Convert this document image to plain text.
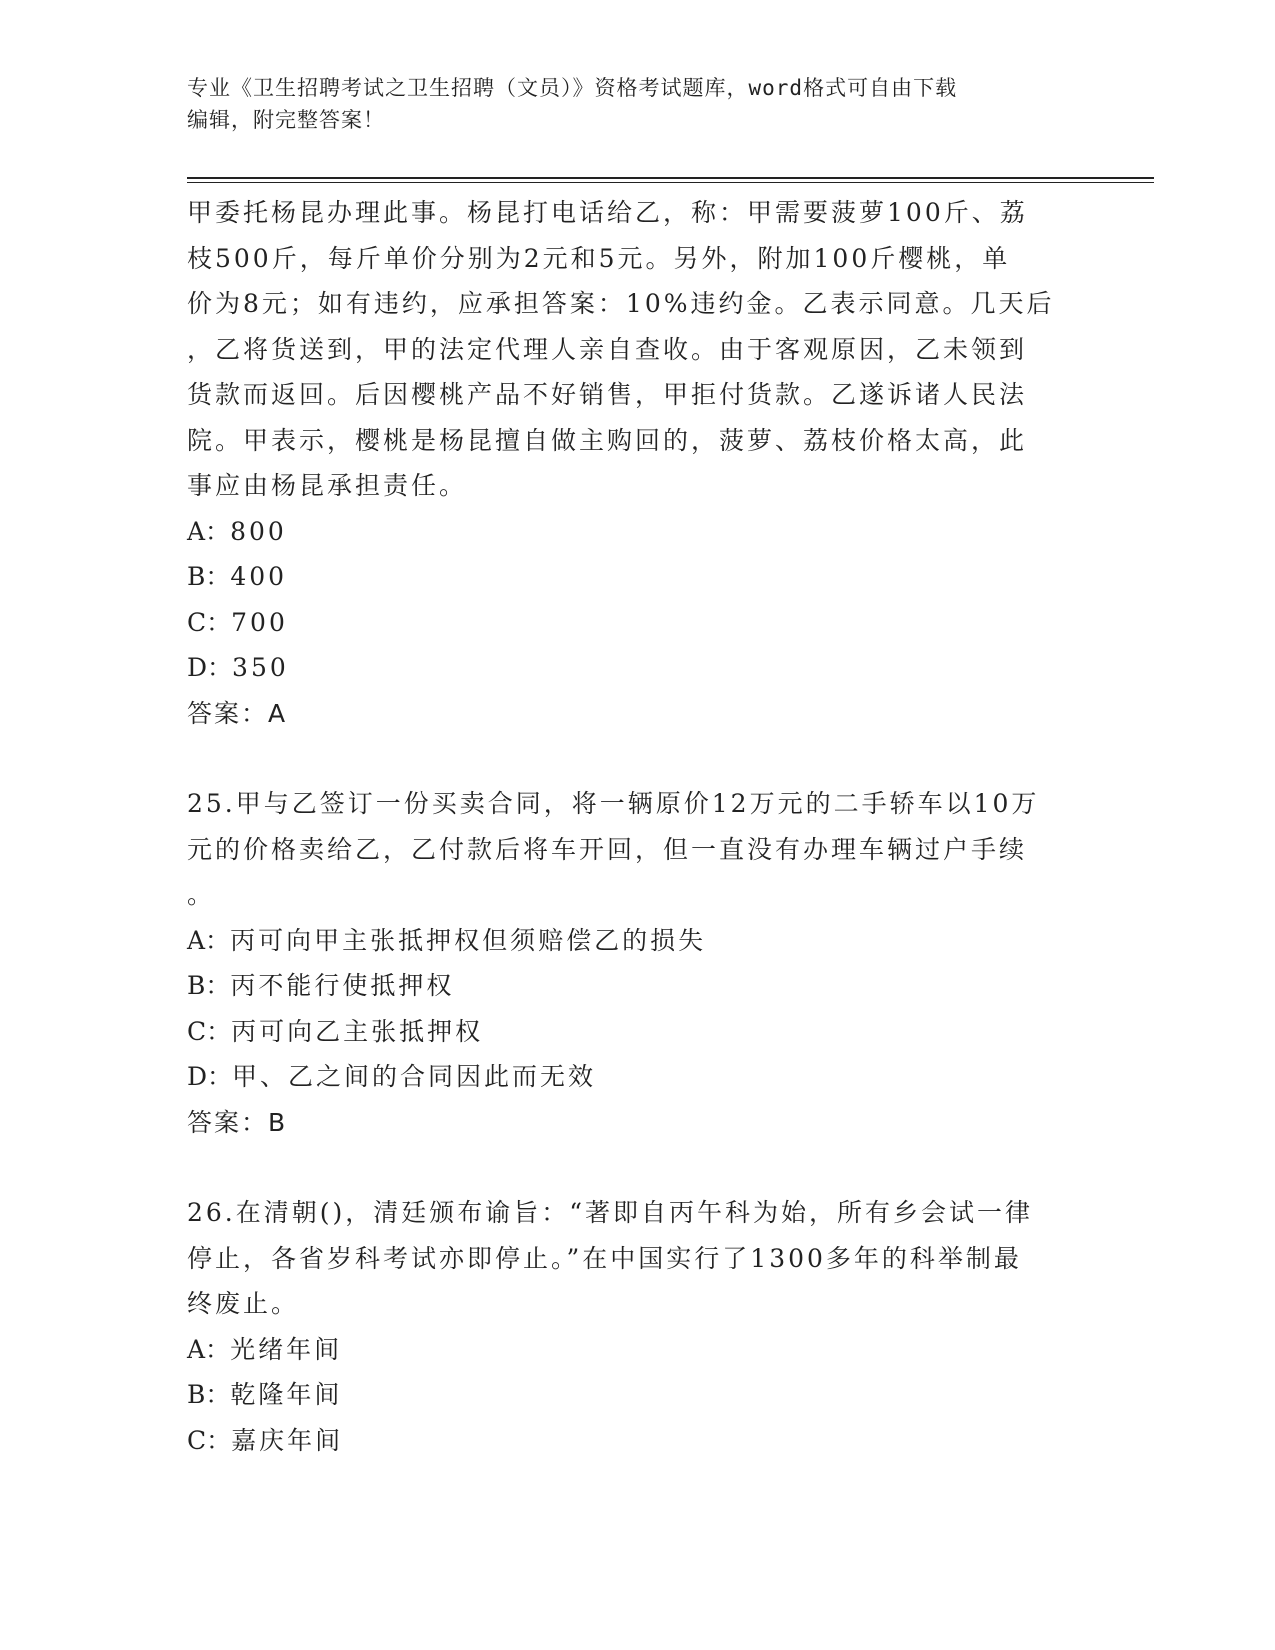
专业《卫生招聘考试之卫生招聘（文员）》资格考试题库，word格式可自由下载
编辑，附完整答案！
甲委托杨昆办理此事。杨昆打电话给乙，称：甲需要菠萝100斤、荔
枝500斤，每斤单价分别为2元和5元。另外，附加100斤樱桃，单
价为8元；如有违约，应承担答案：10%违约金。乙表示同意。几天后
，乙将货送到，甲的法定代理人亲自查收。由于客观原因，乙未领到
货款而返回。后因樱桃产品不好销售，甲拒付货款。乙遂诉诸人民法
院。甲表示，樱桃是杨昆擅自做主购回的，菠萝、荔枝价格太高，此
事应由杨昆承担责任。
A：800
B：400
C：700
D：350
答案：A
25.甲与乙签订一份买卖合同，将一辆原价12万元的二手轿车以10万
元的价格卖给乙，乙付款后将车开回，但一直没有办理车辆过户手续
。
A：丙可向甲主张抵押权但须赔偿乙的损失
B：丙不能行使抵押权
C：丙可向乙主张抵押权
D：甲、乙之间的合同因此而无效
答案：B
26.在清朝()，清廷颁布谕旨：“著即自丙午科为始，所有乡会试一律
停止，各省岁科考试亦即停止。”在中国实行了1300多年的科举制最
终废止。
A：光绪年间
B：乾隆年间
C：嘉庆年间
